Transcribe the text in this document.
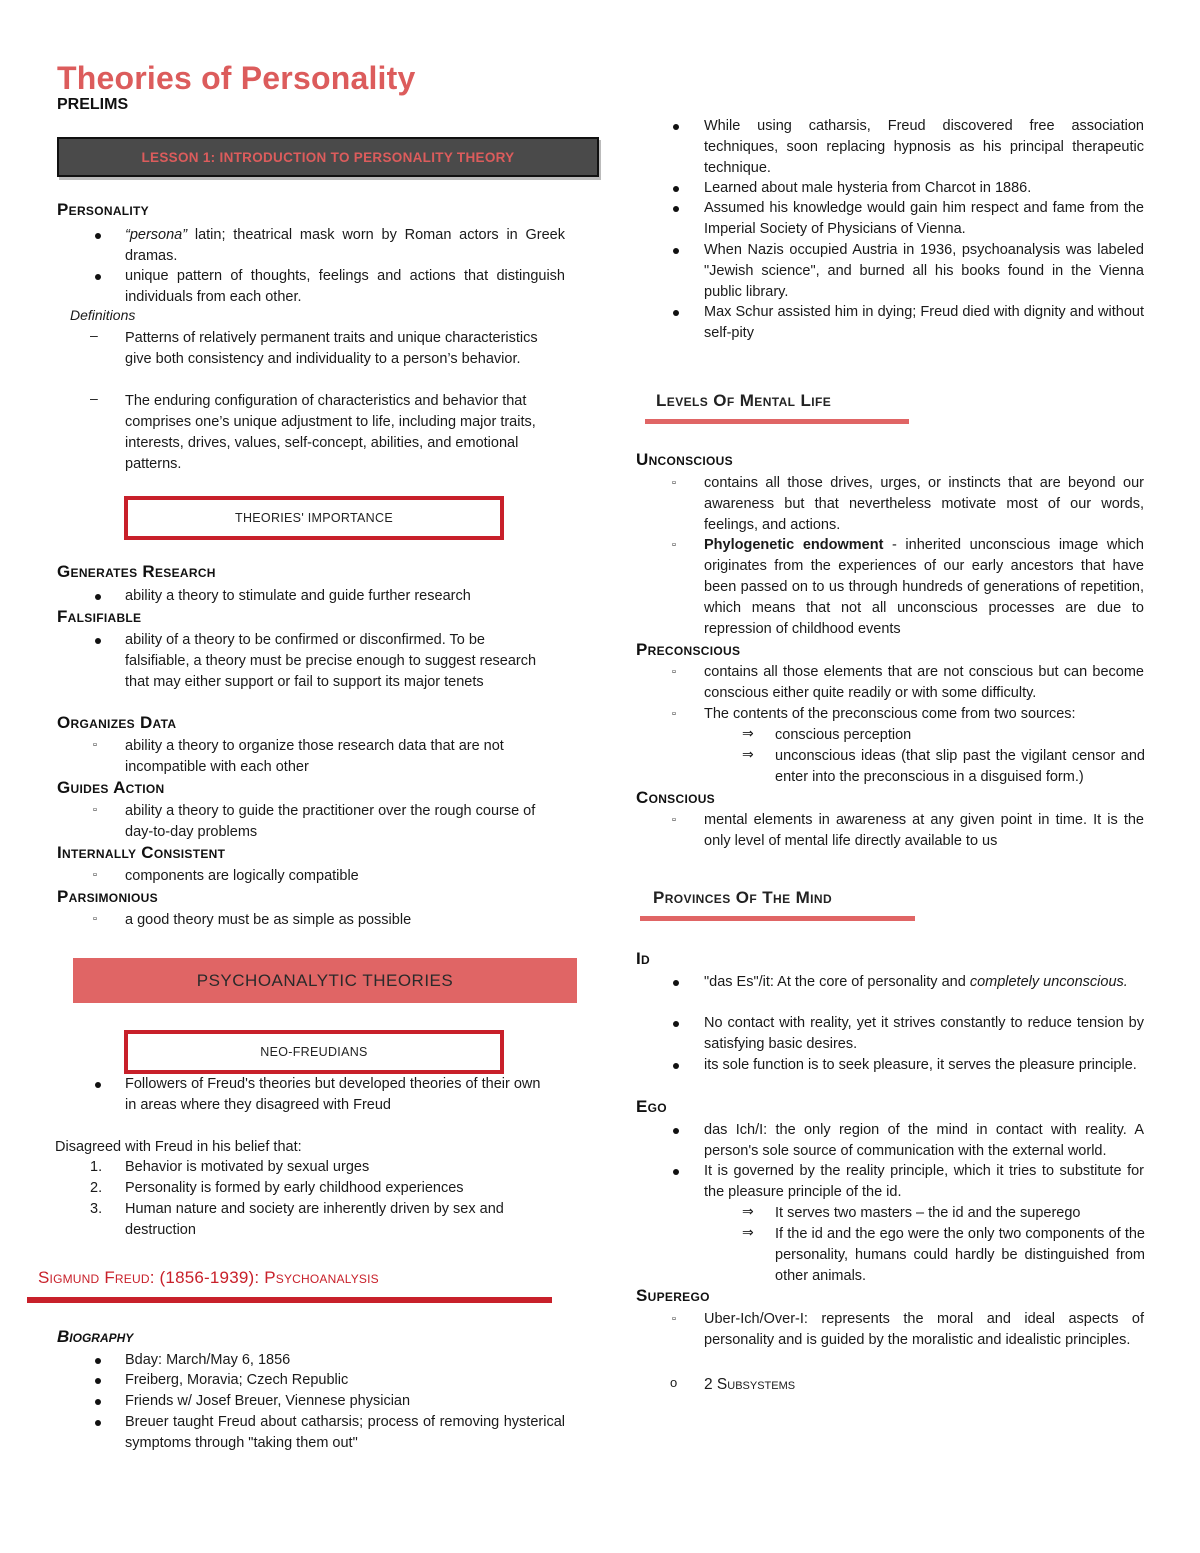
Theories of Personality
PRELIMS
LESSON 1: INTRODUCTION TO PERSONALITY THEORY
Personality
“persona” latin; theatrical mask worn by Roman actors in Greek dramas.
unique pattern of thoughts, feelings and actions that distinguish individuals from each other.
Definitions
– Patterns of relatively permanent traits and unique characteristics give both consistency and individuality to a person’s behavior.
– The enduring configuration of characteristics and behavior that comprises one’s unique adjustment to life, including major traits, interests, drives, values, self-concept, abilities, and emotional patterns.
THEORIES' IMPORTANCE
Generates Research
ability a theory to stimulate and guide further research
Falsifiable
ability of a theory to be confirmed or disconfirmed. To be falsifiable, a theory must be precise enough to suggest research that may either support or fail to support its major tenets
Organizes Data
▫ ability a theory to organize those research data that are not incompatible with each other
Guides Action
▫ ability a theory to guide the practitioner over the rough course of day-to-day problems
Internally Consistent
▫ components are logically compatible
Parsimonious
▫ a good theory must be as simple as possible
PSYCHOANALYTIC THEORIES
NEO-FREUDIANS
Followers of Freud's theories but developed theories of their own in areas where they disagreed with Freud
Disagreed with Freud in his belief that:
1. Behavior is motivated by sexual urges
2. Personality is formed by early childhood experiences
3. Human nature and society are inherently driven by sex and destruction
Sigmund Freud: (1856-1939): Psychoanalysis
Biography
Bday: March/May 6, 1856
Freiberg, Moravia; Czech Republic
Friends w/ Josef Breuer, Viennese physician
Breuer taught Freud about catharsis; process of removing hysterical symptoms through "taking them out"
While using catharsis, Freud discovered free association techniques, soon replacing hypnosis as his principal therapeutic technique.
Learned about male hysteria from Charcot in 1886.
Assumed his knowledge would gain him respect and fame from the Imperial Society of Physicians of Vienna.
When Nazis occupied Austria in 1936, psychoanalysis was labeled "Jewish science", and burned all his books found in the Vienna public library.
Max Schur assisted him in dying; Freud died with dignity and without self-pity
Levels Of Mental Life
Unconscious
▫ contains all those drives, urges, or instincts that are beyond our awareness but that nevertheless motivate most of our words, feelings, and actions.
▫ Phylogenetic endowment - inherited unconscious image which originates from the experiences of our early ancestors that have been passed on to us through hundreds of generations of repetition, which means that not all unconscious processes are due to repression of childhood events
Preconscious
▫ contains all those elements that are not conscious but can become conscious either quite readily or with some difficulty.
▫ The contents of the preconscious come from two sources:
⇒ conscious perception
⇒ unconscious ideas (that slip past the vigilant censor and enter into the preconscious in a disguised form.)
Conscious
▫ mental elements in awareness at any given point in time. It is the only level of mental life directly available to us
Provinces Of The Mind
Id
"das Es"/it: At the core of personality and completely unconscious.
No contact with reality, yet it strives constantly to reduce tension by satisfying basic desires.
its sole function is to seek pleasure, it serves the pleasure principle.
Ego
das Ich/I: the only region of the mind in contact with reality. A person's sole source of communication with the external world.
It is governed by the reality principle, which it tries to substitute for the pleasure principle of the id.
⇒ It serves two masters – the id and the superego
⇒ If the id and the ego were the only two components of the personality, humans could hardly be distinguished from other animals.
Superego
▫ Uber-Ich/Over-I: represents the moral and ideal aspects of personality and is guided by the moralistic and idealistic principles.
o 2 Subsystems
